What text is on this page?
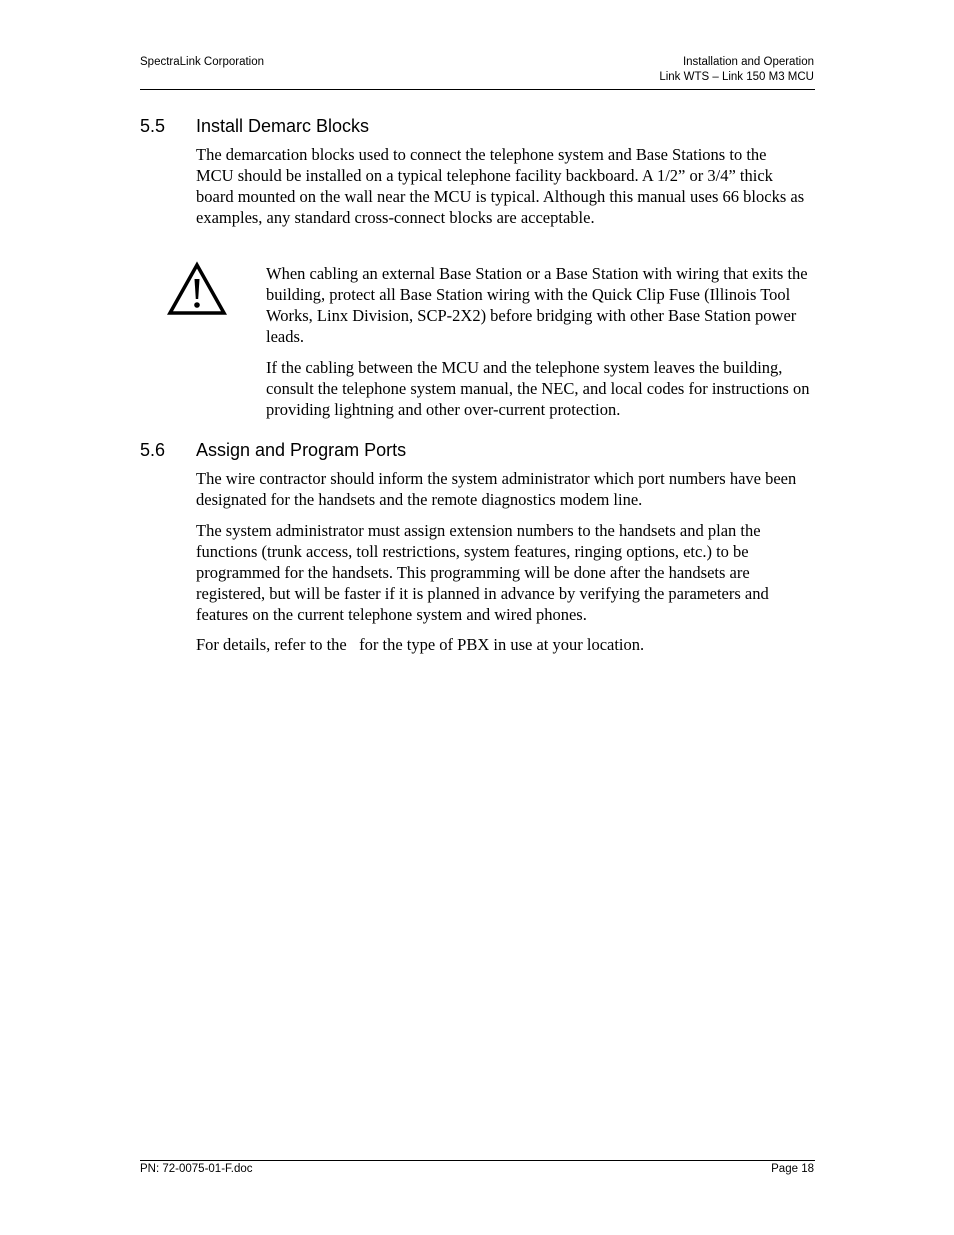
SpectraLink Corporation	Installation and Operation
Link WTS – Link 150 M3 MCU
5.5 Install Demarc Blocks

The demarcation blocks used to connect the telephone system and Base Stations to the MCU should be installed on a typical telephone facility backboard. A 1/2” or 3/4” thick board mounted on the wall near the MCU is typical. Although this manual uses 66 blocks as examples, any standard cross-connect blocks are acceptable.

When cabling an external Base Station or a Base Station with wiring that exits the building, protect all Base Station wiring with the Quick Clip Fuse (Illinois Tool Works, Linx Division, SCP-2X2) before bridging with other Base Station power leads.

If the cabling between the MCU and the telephone system leaves the building, consult the telephone system manual, the NEC, and local codes for instructions on providing lightning and other over-current protection.

5.6 Assign and Program Ports

The wire contractor should inform the system administrator which port numbers have been designated for the handsets and the remote diagnostics modem line.

The system administrator must assign extension numbers to the handsets and plan the functions (trunk access, toll restrictions, system features, ringing options, etc.) to be programmed for the handsets. This programming will be done after the handsets are registered, but will be faster if it is planned in advance by verifying the parameters and features on the current telephone system and wired phones.

For details, refer to the   for the type of PBX in use at your location.

PN: 72-0075-01-F.doc	Page 18
